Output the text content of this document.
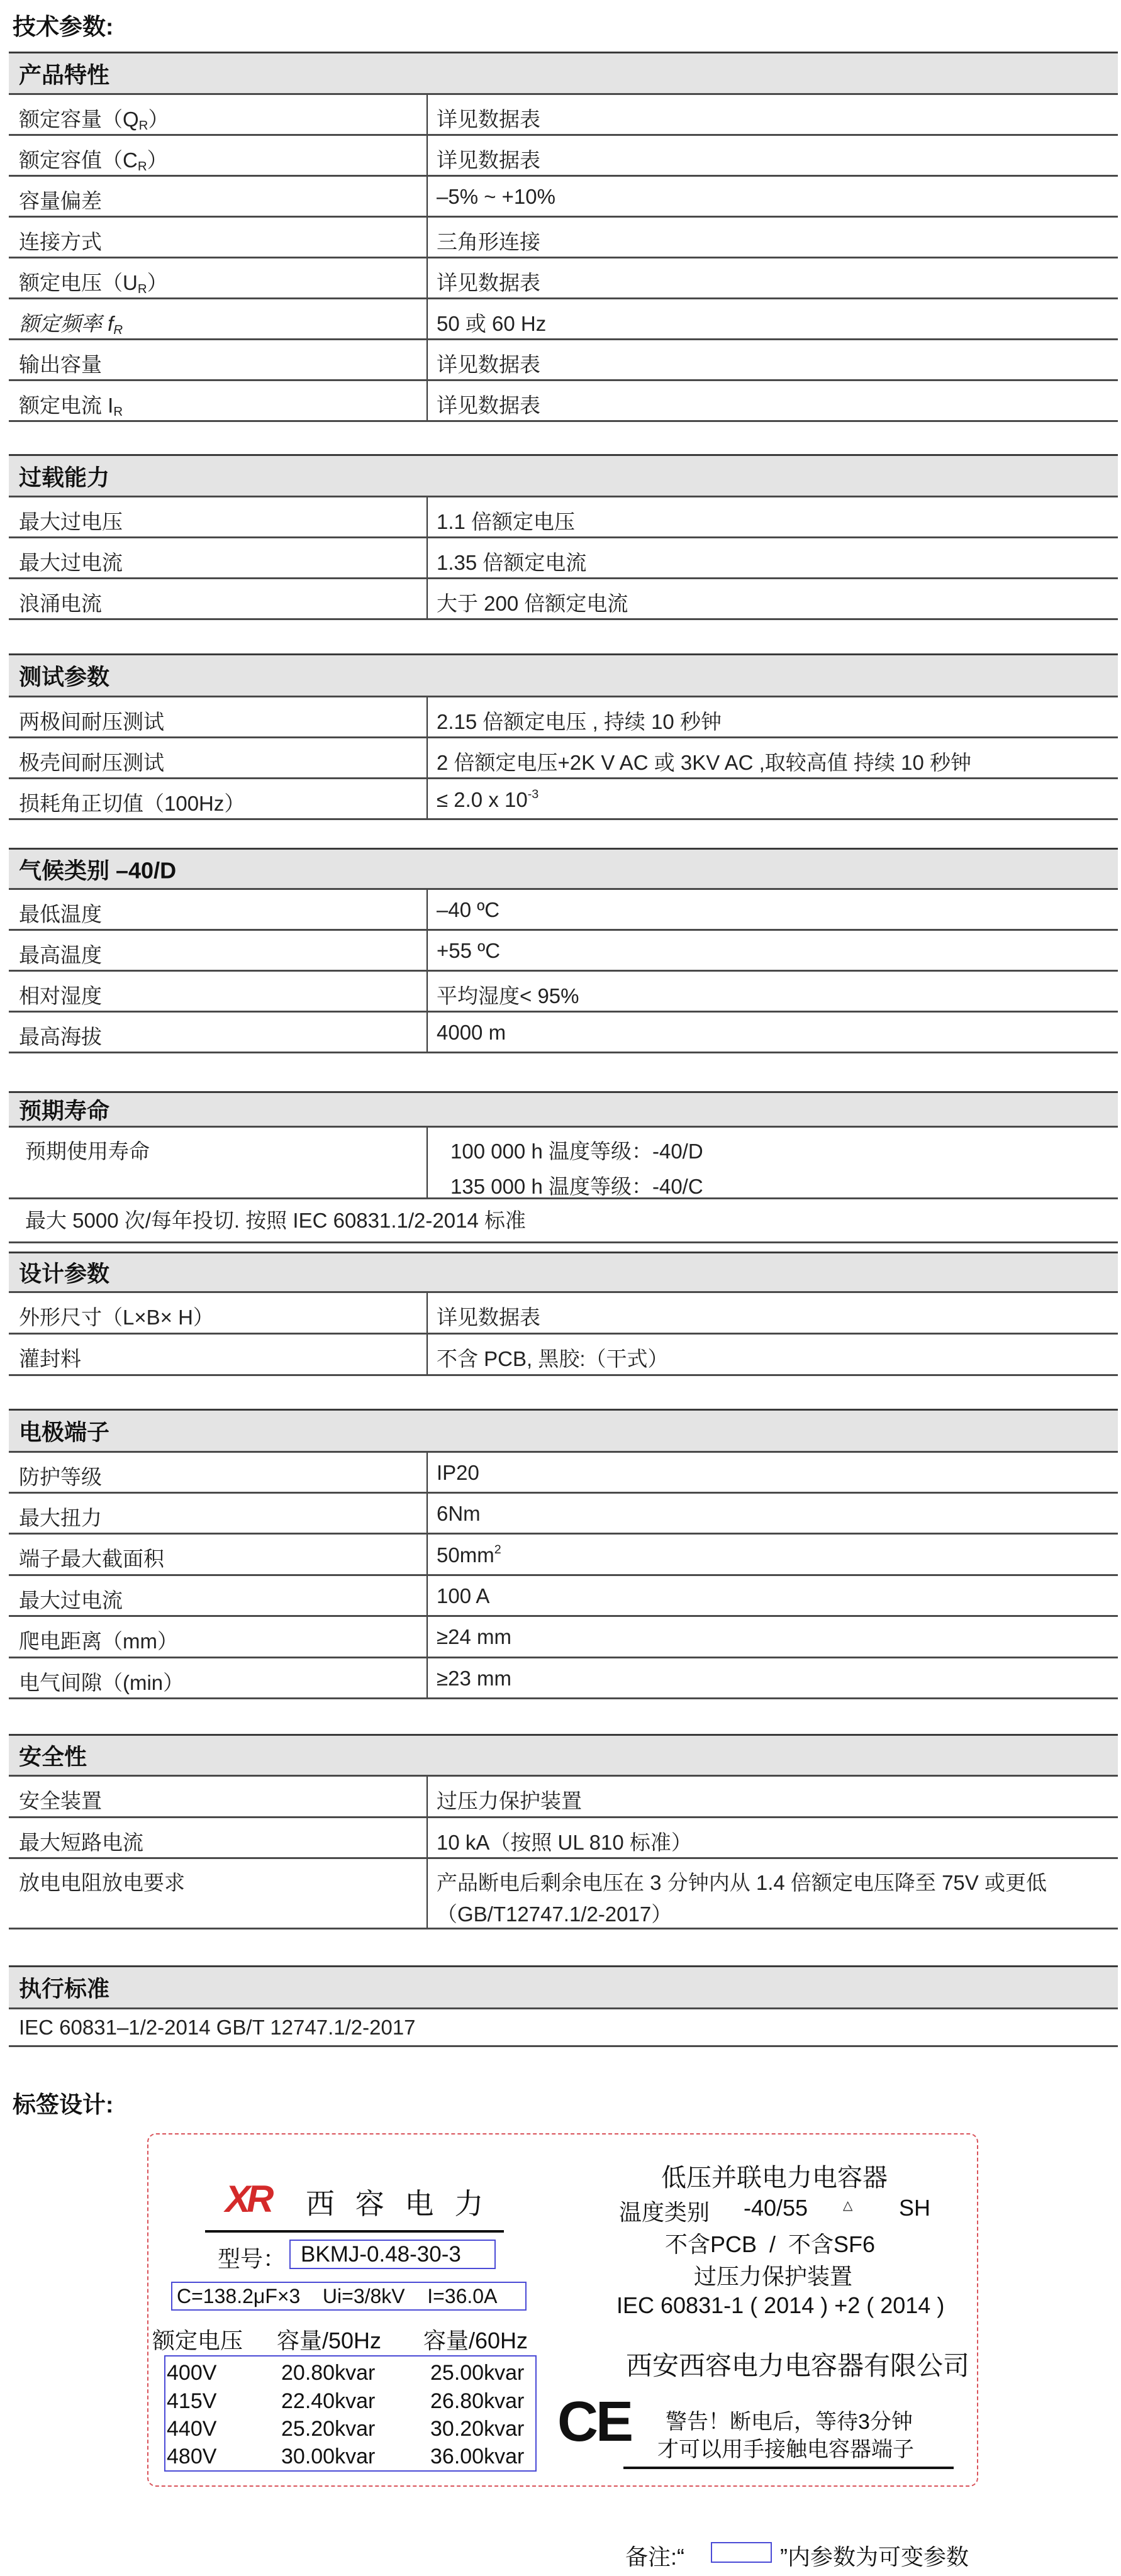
技术参数:
产品特性
额定容量$(Q_R)$	详见数据表
额定容值$(C_R)$	详见数据表
容量偏差	–5% ~ +10%
连接方式	三角形连接
额定电压$(U_R)$	详见数据表
额定频率 $f_R$	50 或 60 Hz
输出容量	详见数据表
额定电流 $I_R$	详见数据表
过载能力
最大过电压	1.1 倍额定电压
最大过电流	1.35 倍额定电流
浪涌电流	大于 200 倍额定电流
测试参数
两极间耐压测试	2.15 倍额定电压 , 持续 10 秒钟
极壳间耐压测试	2 倍额定电压+2K V AC 或 3KV AC ,取较高值 持续 10 秒钟
损耗角正切值（100Hz）	≤ 2.0 x $10^{-3}$
气候类别 –40/D
最低温度	–40 ºC
最高温度	+55 ºC
相对湿度	平均湿度< 95%
最高海拔	4000 m
预期寿命
预期使用寿命	100 000 h 温度等级：-40/D
135 000 h 温度等级：-40/C
最大 5000 次/每年投切. 按照 IEC 60831.1/2-2014 标准
设计参数
外形尺寸（L×B× H）	详见数据表
灌封料	不含 PCB, 黑胶:（干式）
电极端子
防护等级	IP20
最大扭力	6Nm
端子最大截面积	$50mm^2$
最大过电流	100 A
爬电距离（mm）	≥24 mm
电气间隙（(min）	≥23 mm
安全性
安全装置	过压力保护装置
最大短路电流	10 kA（按照 UL 810 标准）
放电电阻放电要求	产品断电后剩余电压在 3 分钟内从 1.4 倍额定电压降至 75V 或更低
（GB/T12747.1/2-2017）
执行标准
IEC 60831–1/2-2014 GB/T 12747.1/2-2017
标签设计:
XR 西 容 电 力
型号： BKMJ-0.48-30-3
C=138.2μF×3    Ui=3/8kV    I=36.0A
额定电压 容量/50Hz 容量/60Hz
400V	20.80kvar	25.00kvar
415V	22.40kvar	26.80kvar
440V	25.20kvar	30.20kvar
480V	30.00kvar	36.00kvar
低压并联电力电容器
温度类别 -40/55	△ SH
不含PCB  /  不含SF6
过压力保护装置
IEC 60831-1 ( 2014 ) +2 ( 2014 )
西安西容电力电容器有限公司
CE 警告！断电后，等待3分钟
才可以用手接触电容器端子
备注:“	”内参数为可变参数
